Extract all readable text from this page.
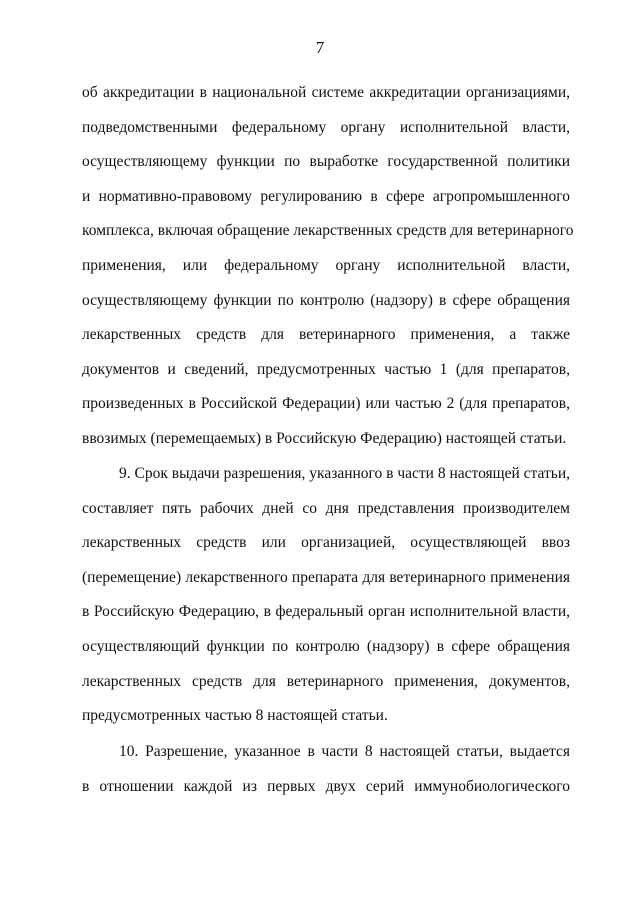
7
об аккредитации в национальной системе аккредитации организациями,
подведомственными федеральному органу исполнительной власти,
осуществляющему функции по выработке государственной политики
и нормативно-правовому регулированию в сфере агропромышленного
комплекса, включая обращение лекарственных средств для ветеринарного
применения, или федеральному органу исполнительной власти,
осуществляющему функции по контролю (надзору) в сфере обращения
лекарственных средств для ветеринарного применения, а также
документов и сведений, предусмотренных частью 1 (для препаратов,
произведенных в Российской Федерации) или частью 2 (для препаратов,
ввозимых (перемещаемых) в Российскую Федерацию) настоящей статьи.
9. Срок выдачи разрешения, указанного в части 8 настоящей статьи,
составляет пять рабочих дней со дня представления производителем
лекарственных средств или организацией, осуществляющей ввоз
(перемещение) лекарственного препарата для ветеринарного применения
в Российскую Федерацию, в федеральный орган исполнительной власти,
осуществляющий функции по контролю (надзору) в сфере обращения
лекарственных средств для ветеринарного применения, документов,
предусмотренных частью 8 настоящей статьи.
10. Разрешение, указанное в части 8 настоящей статьи, выдается
в отношении каждой из первых двух серий иммунобиологического
